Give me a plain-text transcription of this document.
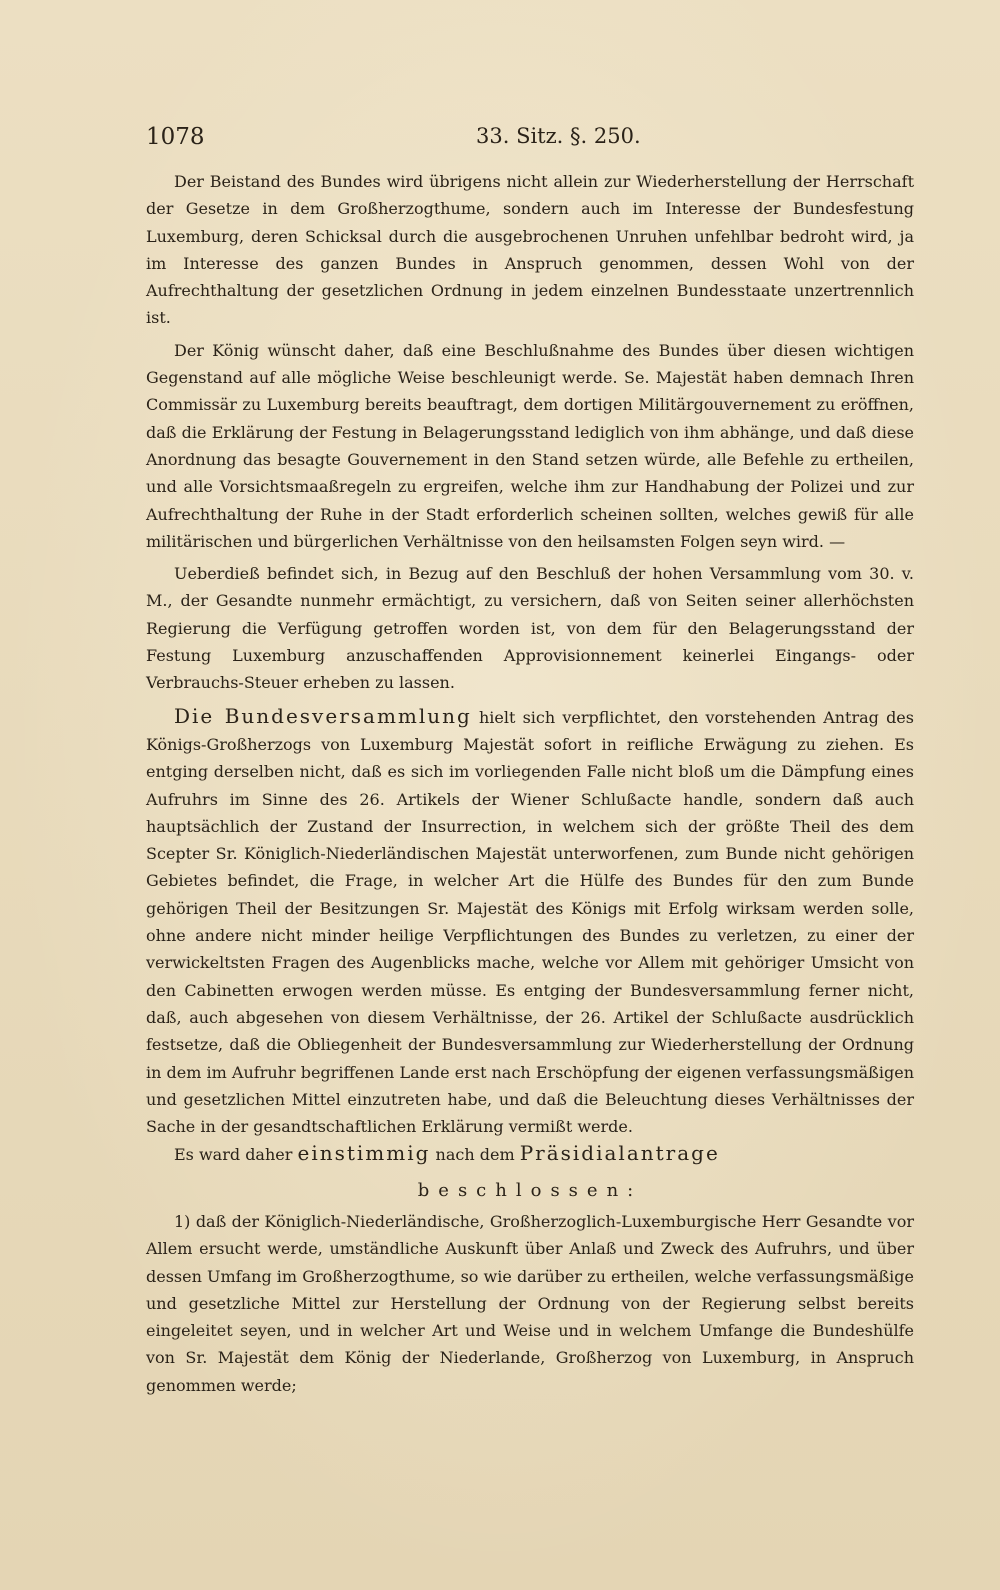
1078	33. Sitz. §. 250.

Der Beistand des Bundes wird übrigens nicht allein zur Wiederherstellung der Herrschaft der Gesetze in dem Großherzogthume, sondern auch im Interesse der Bundesfestung Luxemburg, deren Schicksal durch die ausgebrochenen Unruhen unfehlbar bedroht wird, ja im Interesse des ganzen Bundes in Anspruch genommen, dessen Wohl von der Aufrechthaltung der gesetzlichen Ordnung in jedem einzelnen Bundesstaate unzertrennlich ist.

Der König wünscht daher, daß eine Beschlußnahme des Bundes über diesen wichtigen Gegenstand auf alle mögliche Weise beschleunigt werde. Se. Majestät haben demnach Ihren Commissär zu Luxemburg bereits beauftragt, dem dortigen Militärgouvernement zu eröffnen, daß die Erklärung der Festung in Belagerungsstand lediglich von ihm abhänge, und daß diese Anordnung das besagte Gouvernement in den Stand setzen würde, alle Befehle zu ertheilen, und alle Vorsichtsmaaßregeln zu ergreifen, welche ihm zur Handhabung der Polizei und zur Aufrechthaltung der Ruhe in der Stadt erforderlich scheinen sollten, welches gewiß für alle militärischen und bürgerlichen Verhältnisse von den heilsamsten Folgen seyn wird. —

Ueberdieß befindet sich, in Bezug auf den Beschluß der hohen Versammlung vom 30. v. M., der Gesandte nunmehr ermächtigt, zu versichern, daß von Seiten seiner allerhöchsten Regierung die Verfügung getroffen worden ist, von dem für den Belagerungsstand der Festung Luxemburg anzuschaffenden Approvisionnement keinerlei Eingangs- oder Verbrauchs-Steuer erheben zu lassen.

Die Bundesversammlung hielt sich verpflichtet, den vorstehenden Antrag des Königs-Großherzogs von Luxemburg Majestät sofort in reifliche Erwägung zu ziehen. Es entging derselben nicht, daß es sich im vorliegenden Falle nicht bloß um die Dämpfung eines Aufruhrs im Sinne des 26. Artikels der Wiener Schlußacte handle, sondern daß auch hauptsächlich der Zustand der Insurrection, in welchem sich der größte Theil des dem Scepter Sr. Königlich-Niederländischen Majestät unterworfenen, zum Bunde nicht gehörigen Gebietes befindet, die Frage, in welcher Art die Hülfe des Bundes für den zum Bunde gehörigen Theil der Besitzungen Sr. Majestät des Königs mit Erfolg wirksam werden solle, ohne andere nicht minder heilige Verpflichtungen des Bundes zu verletzen, zu einer der verwickeltsten Fragen des Augenblicks mache, welche vor Allem mit gehöriger Umsicht von den Cabinetten erwogen werden müsse. Es entging der Bundesversammlung ferner nicht, daß, auch abgesehen von diesem Verhältnisse, der 26. Artikel der Schlußacte ausdrücklich festsetze, daß die Obliegenheit der Bundesversammlung zur Wiederherstellung der Ordnung in dem im Aufruhr begriffenen Lande erst nach Erschöpfung der eigenen verfassungsmäßigen und gesetzlichen Mittel einzutreten habe, und daß die Beleuchtung dieses Verhältnisses der Sache in der gesandtschaftlichen Erklärung vermißt werde.

Es ward daher einstimmig nach dem Präsidialantrage

beschlossen:

1) daß der Königlich-Niederländische, Großherzoglich-Luxemburgische Herr Gesandte vor Allem ersucht werde, umständliche Auskunft über Anlaß und Zweck des Aufruhrs, und über dessen Umfang im Großherzogthume, so wie darüber zu ertheilen, welche verfassungsmäßige und gesetzliche Mittel zur Herstellung der Ordnung von der Regierung selbst bereits eingeleitet seyen, und in welcher Art und Weise und in welchem Umfange die Bundeshülfe von Sr. Majestät dem König der Niederlande, Großherzog von Luxemburg, in Anspruch genommen werde;
